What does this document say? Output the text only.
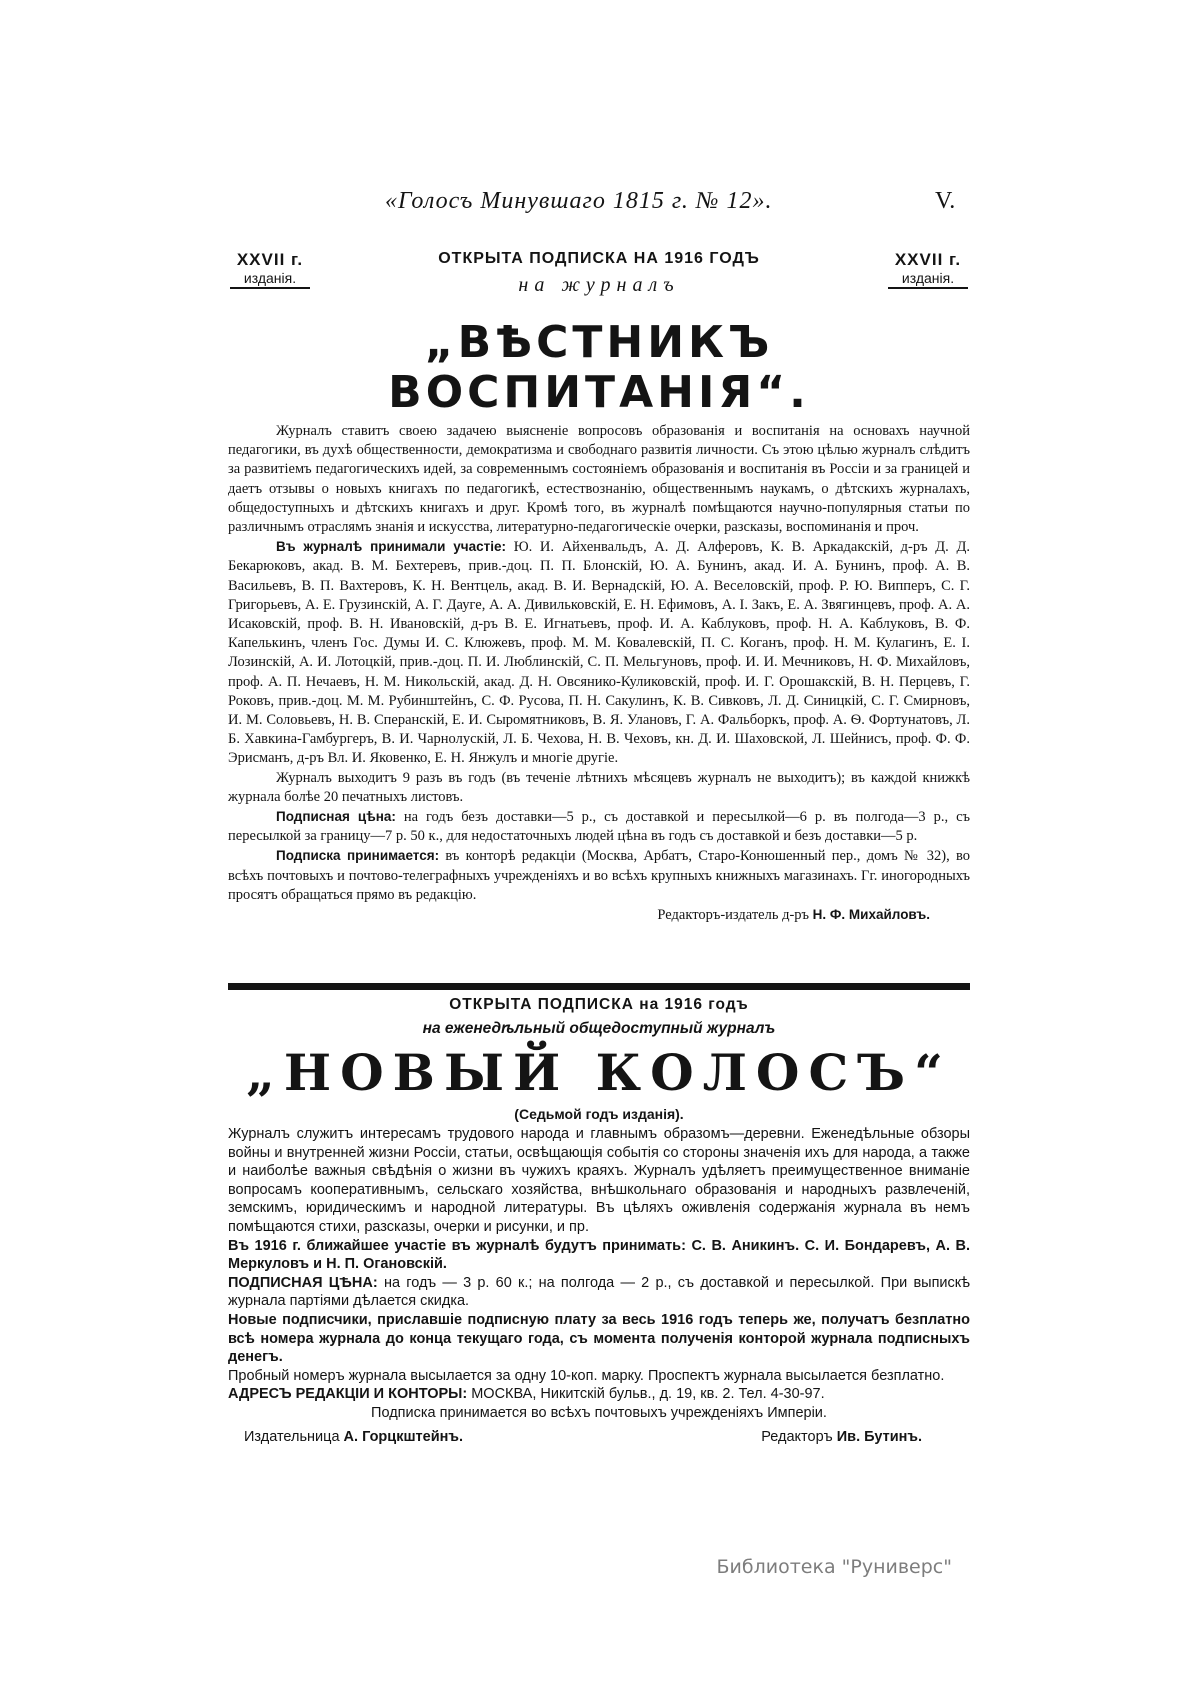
«Голосъ Минувшаго 1815 г. № 12».	V.
XXVII г.
изданія.
ОТКРЫТА ПОДПИСКА НА 1916 ГОДЪ
на журналъ
XXVII г.
изданія.
„ВѢСТНИКЪ ВОСПИТАНІЯ“.

Журналъ ставитъ своею задачею выясненіе вопросовъ образованія и воспитанія на основахъ научной педагогики, въ духѣ общественности, демократизма и свободнаго развитія личности. Съ этою цѣлью журналъ слѣдитъ за развитіемъ педагогическихъ идей, за современнымъ состояніемъ образованія и воспитанія въ Россіи и за границей и даетъ отзывы о новыхъ книгахъ по педагогикѣ, естествознанію, общественнымъ наукамъ, о дѣтскихъ журналахъ, общедоступныхъ и дѣтскихъ книгахъ и друг. Кромѣ того, въ журналѣ помѣщаются научно-популярныя статьи по различнымъ отраслямъ знанія и искусства, литературно-педагогическіе очерки, разсказы, воспоминанія и проч.

Въ журналѣ принимали участіе: Ю. И. Айхенвальдъ, А. Д. Алферовъ, К. В. Аркадакскій, д-ръ Д. Д. Бекарюковъ, акад. В. М. Бехтеревъ, прив.-доц. П. П. Блонскій, Ю. А. Бунинъ, акад. И. А. Бунинъ, проф. А. В. Васильевъ, В. П. Вахтеровъ, К. Н. Вентцель, акад. В. И. Вернадскій, Ю. А. Веселовскій, проф. Р. Ю. Випперъ, С. Г. Григорьевъ, А. Е. Грузинскій, А. Г. Дауге, А. А. Дивильковскій, Е. Н. Ефимовъ, А. І. Закъ, Е. А. Звягинцевъ, проф. А. А. Исаковскій, проф. В. Н. Ивановскій, д-ръ В. Е. Игнатьевъ, проф. И. А. Каблуковъ, проф. Н. А. Каблуковъ, В. Ф. Капелькинъ, членъ Гос. Думы И. С. Клюжевъ, проф. М. М. Ковалевскій, П. С. Коганъ, проф. Н. М. Кулагинъ, Е. І. Лозинскій, А. И. Лотоцкій, прив.-доц. П. И. Люблинскій, С. П. Мельгуновъ, проф. И. И. Мечниковъ, Н. Ф. Михайловъ, проф. А. П. Нечаевъ, Н. М. Никольскій, акад. Д. Н. Овсянико-Куликовскій, проф. И. Г. Орошакскій, В. Н. Перцевъ, Г. Роковъ, прив.-доц. М. М. Рубинштейнъ, С. Ф. Русова, П. Н. Сакулинъ, К. В. Сивковъ, Л. Д. Синицкій, С. Г. Смирновъ, И. М. Соловьевъ, Н. В. Сперанскій, Е. И. Сыромятниковъ, В. Я. Улановъ, Г. А. Фальборкъ, проф. А. Ѳ. Фортунатовъ, Л. Б. Хавкина-Гамбургеръ, В. И. Чарнолускій, Л. Б. Чехова, Н. В. Чеховъ, кн. Д. И. Шаховской, Л. Шейнисъ, проф. Ф. Ф. Эрисманъ, д-ръ Вл. И. Яковенко, Е. Н. Янжулъ и многіе другіе.

Журналъ выходитъ 9 разъ въ годъ (въ теченіе лѣтнихъ мѣсяцевъ журналъ не выходитъ); въ каждой книжкѣ журнала болѣе 20 печатныхъ листовъ.

Подписная цѣна: на годъ безъ доставки—5 р., съ доставкой и пересылкой—6 р. въ полгода—3 р., съ пересылкой за границу—7 р. 50 к., для недостаточныхъ людей цѣна въ годъ съ доставкой и безъ доставки—5 р.

Подписка принимается: въ конторѣ редакціи (Москва, Арбатъ, Старо-Конюшенный пер., домъ № 32), во всѣхъ почтовыхъ и почтово-телеграфныхъ учрежденіяхъ и во всѣхъ крупныхъ книжныхъ магазинахъ. Гг. иногородныхъ просятъ обращаться прямо въ редакцію.

Редакторъ-издатель д-ръ Н. Ф. Михайловъ.
ОТКРЫТА ПОДПИСКА на 1916 годъ
на еженедѣльный общедоступный журналъ
„НОВЫЙ КОЛОСЪ“
(Седьмой годъ изданія).

Журналъ служитъ интересамъ трудового народа и главнымъ образомъ—деревни. Еженедѣльные обзоры войны и внутренней жизни Россіи, статьи, освѣщающія событія со стороны значенія ихъ для народа, а также и наиболѣе важныя свѣдѣнія о жизни въ чужихъ краяхъ. Журналъ удѣляетъ преимущественное вниманіе вопросамъ кооперативнымъ, сельскаго хозяйства, внѣшкольнаго образованія и народныхъ развлеченій, земскимъ, юридическимъ и народной литературы. Въ цѣляхъ оживленія содержанія журнала въ немъ помѣщаются стихи, разсказы, очерки и рисунки, и пр.

Въ 1916 г. ближайшее участіе въ журналѣ будутъ принимать: С. В. Аникинъ. С. И. Бондаревъ, А. В. Меркуловъ и Н. П. Огановскій.

ПОДПИСНАЯ ЦѢНА: на годъ — 3 р. 60 к.; на полгода — 2 р., съ доставкой и пересылкой. При выпискѣ журнала партіями дѣлается скидка.

Новые подписчики, приславшіе подписную плату за весь 1916 годъ теперь же, получатъ безплатно всѣ номера журнала до конца текущаго года, съ момента полученія конторой журнала подписныхъ денегъ.

Пробный номеръ журнала высылается за одну 10-коп. марку. Проспектъ журнала высылается безплатно.

АДРЕСЪ РЕДАКЦІИ И КОНТОРЫ: МОСКВА, Никитскій бульв., д. 19, кв. 2. Тел. 4-30-97.

Подписка принимается во всѣхъ почтовыхъ учрежденіяхъ Имперіи.

Издательница А. Горцкштейнъ.	Редакторъ Ив. Бутинъ.
Библиотека "Руниверс"
